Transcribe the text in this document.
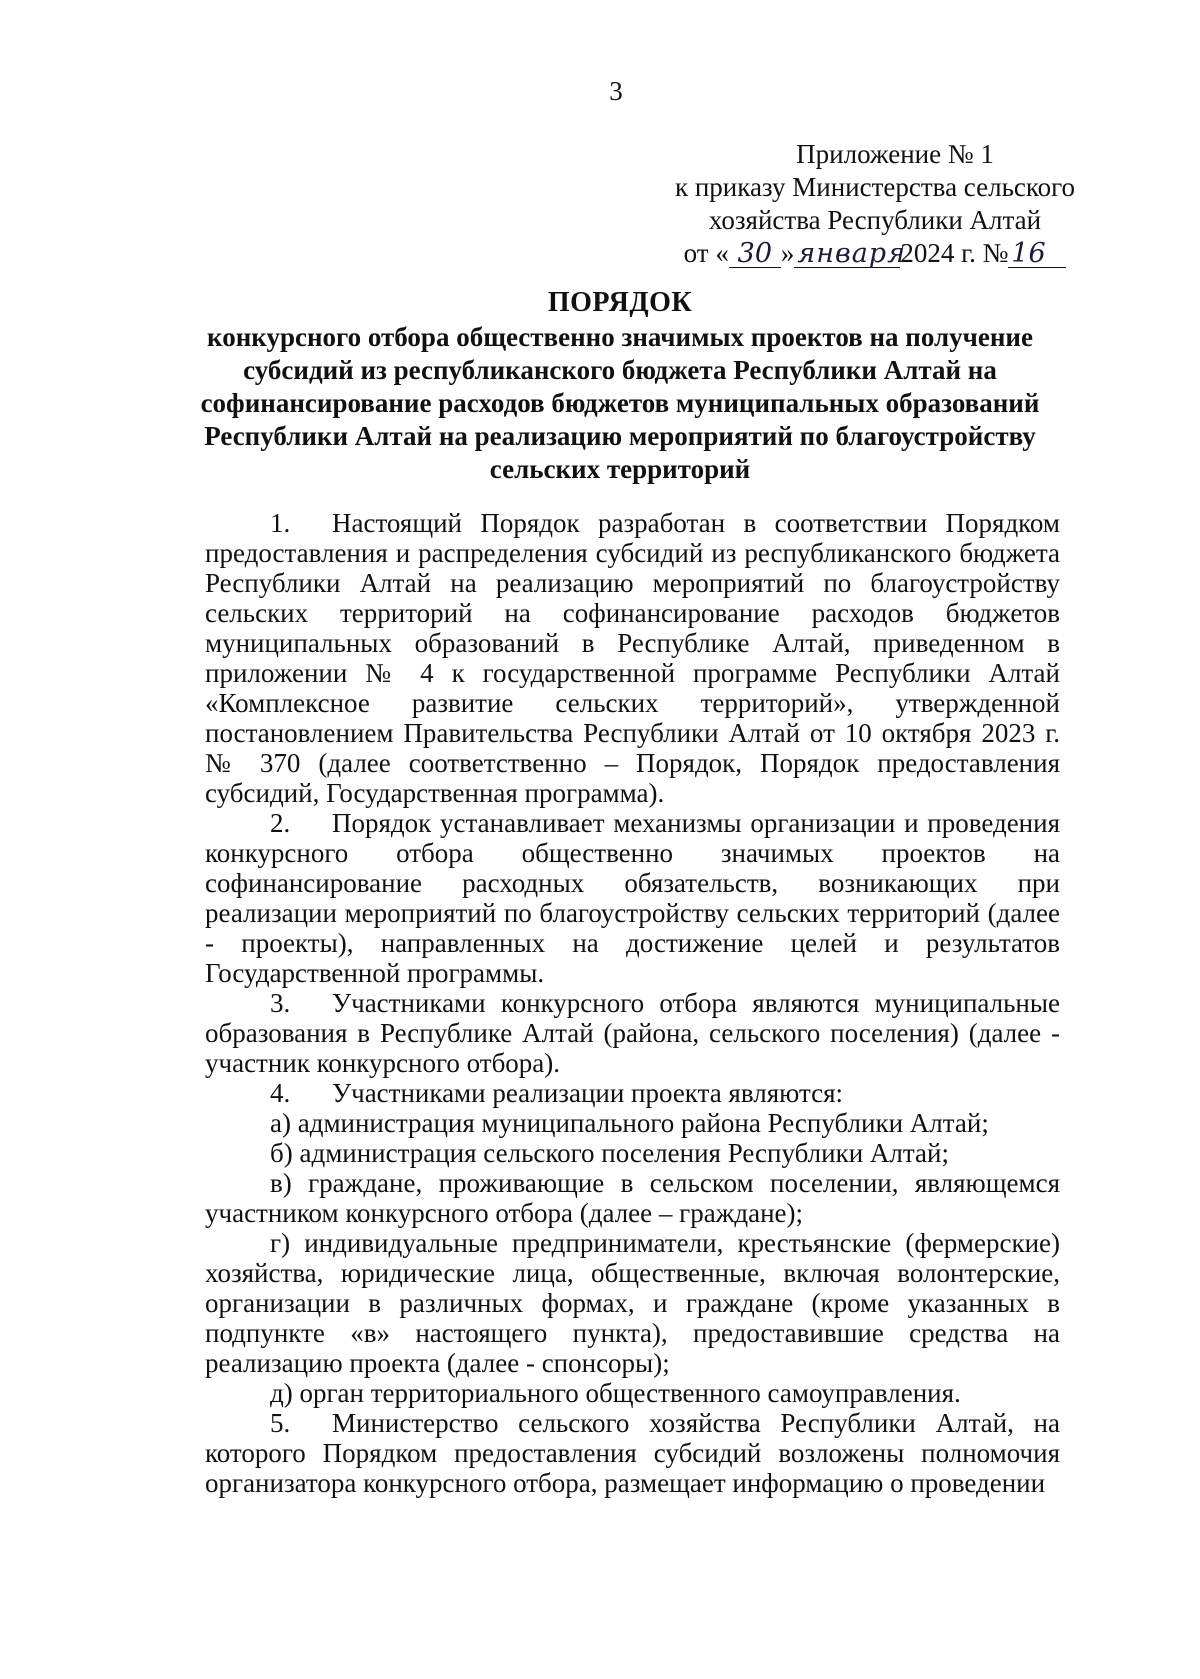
3
Приложение № 1
к приказу Министерства сельского
хозяйства Республики Алтай
от « 30 » января2024 г. № 16
ПОРЯДОК
конкурсного отбора общественно значимых проектов на получение субсидий из республиканского бюджета Республики Алтай на софинансирование расходов бюджетов муниципальных образований Республики Алтай на реализацию мероприятий по благоустройству сельских территорий

1. Настоящий Порядок разработан в соответствии Порядком предоставления и распределения субсидий из республиканского бюджета Республики Алтай на реализацию мероприятий по благоустройству сельских территорий на софинансирование расходов бюджетов муниципальных образований в Республике Алтай, приведенном в приложении № 4 к государственной программе Республики Алтай «Комплексное развитие сельских территорий», утвержденной постановлением Правительства Республики Алтай от 10 октября 2023 г. № 370 (далее соответственно – Порядок, Порядок предоставления субсидий, Государственная программа).

2. Порядок устанавливает механизмы организации и проведения конкурсного отбора общественно значимых проектов на софинансирование расходных обязательств, возникающих при реализации мероприятий по благоустройству сельских территорий (далее - проекты), направленных на достижение целей и результатов Государственной программы.

3. Участниками конкурсного отбора являются муниципальные образования в Республике Алтай (района, сельского поселения) (далее - участник конкурсного отбора).

4. Участниками реализации проекта являются:

а) администрация муниципального района Республики Алтай;

б) администрация сельского поселения Республики Алтай;

в) граждане, проживающие в сельском поселении, являющемся участником конкурсного отбора (далее – граждане);

г) индивидуальные предприниматели, крестьянские (фермерские) хозяйства, юридические лица, общественные, включая волонтерские, организации в различных формах, и граждане (кроме указанных в подпункте «в» настоящего пункта), предоставившие средства на реализацию проекта (далее - спонсоры);

д) орган территориального общественного самоуправления.

5. Министерство сельского хозяйства Республики Алтай, на которого Порядком предоставления субсидий возложены полномочия организатора конкурсного отбора, размещает информацию о проведении
